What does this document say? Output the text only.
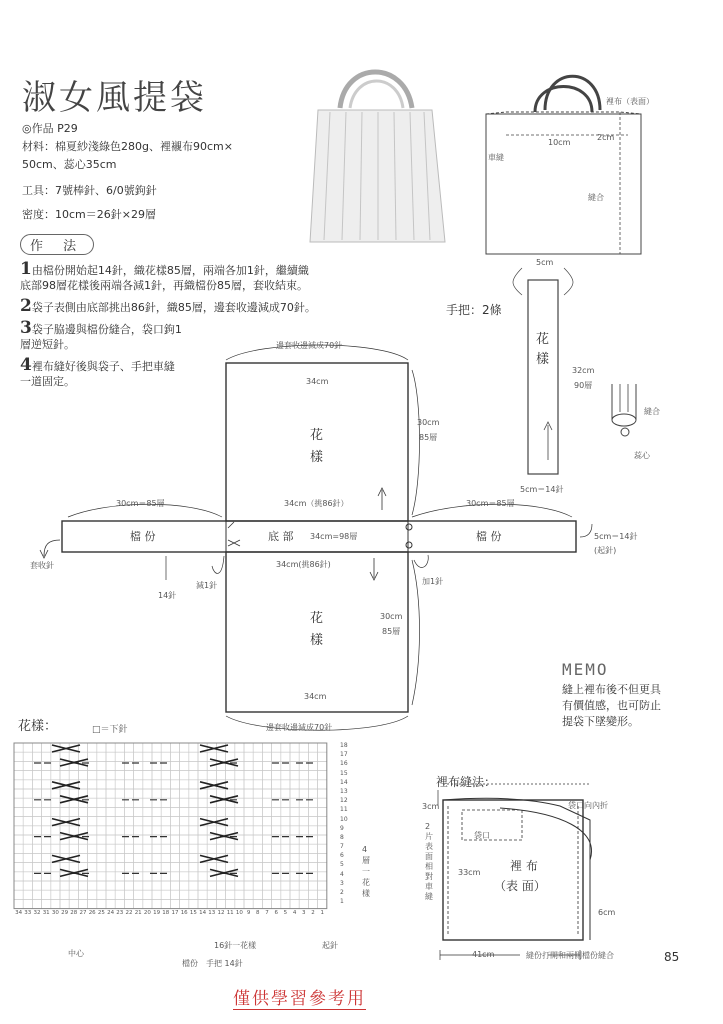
淑女風提袋
◎作品 P29
材料：棉夏紗淺綠色280g、裡襯布90cm×
50cm、蕊心35cm
工具：7號棒針、6/0號鉤針
密度：10cm＝26針×29層
作 法
1由檔份開始起14針，織花樣85層，兩端各加1針，繼續織
底部98層花樣後兩端各減1針，再織檔份85層，套收結束。
2袋子表側由底部挑出86針，織85層，邊套收邊減成70針。
3袋子脇邊與檔份縫合，袋口鉤1
層逆短針。
4裡布縫好後與袋子、手把車縫
一道固定。
裡布（表面）
10cm
2cm
車縫
縫合
手把：2條
5cm
花
樣
32cm
90層
5cm＝14針
縫合
蕊心
邊套收邊減成70針
34cm
花
樣
30cm
85層
34cm（挑86針）
30cm＝85層	30cm＝85層
檔 份	檔 份
底 部 34cm=98層	5cm＝14針
(起針)
套收針
14針
減1針	加1針
34cm(挑86針)
花
樣
30cm
85層
34cm
邊套收邊減成70針
MEMO
縫上裡布後不但更具
有價值感，也可防止
提袋下墜變形。
花樣：	□＝下針
18
17
16
15
14
13
12
11
10
9
8
7
6
5
4
3
2
1
34 33 32 31 30 29 28 27 26 25 24 23 22 21 20 19 18 17 16 15 14 13 12 11 10 9	8	7	6	5	4	3	2	1
4層一花樣
中心
16針一花樣
檔份　手把 14針
起針
裡布縫法：
袋口向內折
3cm
袋口
2片表面相對車縫
33cm 裡 布
（表 面）
6cm
41cm	縫份打開和兩側檔份縫合	85
僅供學習參考用
